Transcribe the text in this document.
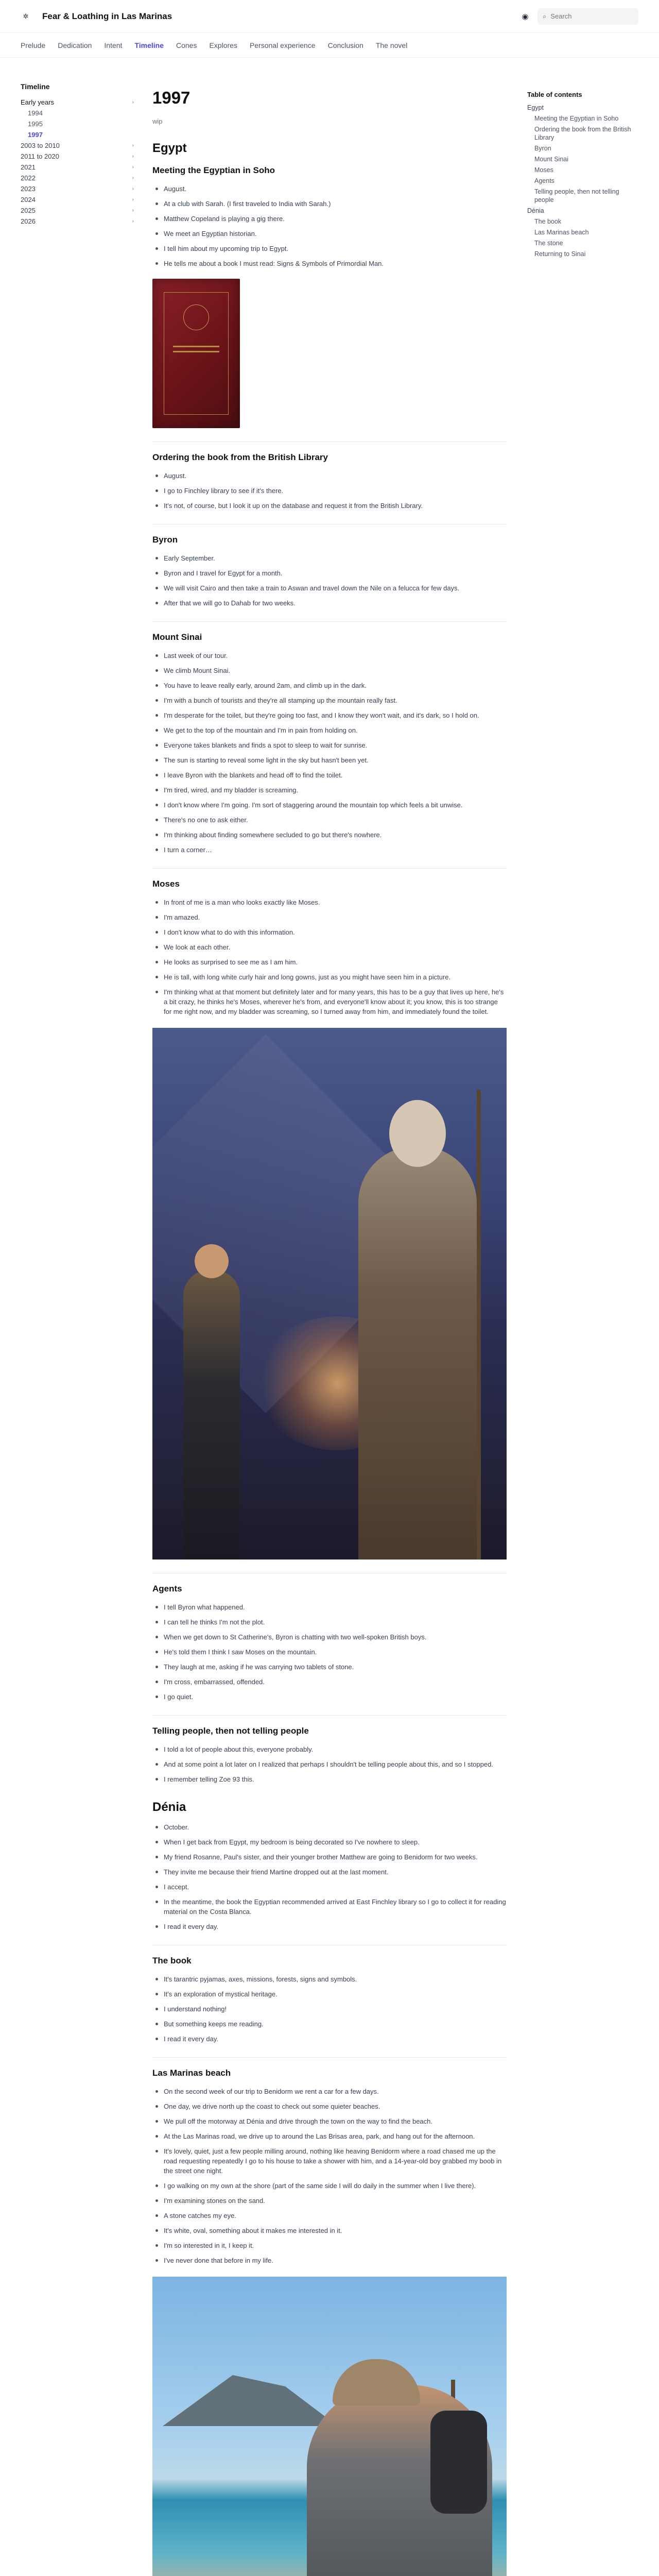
✲ Fear & Loathing in Las Marinas	◉	⌕
Search
Prelude Dedication Intent Timeline Cones Explores Personal experience Conclusion The novel
Timeline
Early years	›
1994
1995
1997
2003 to 2010	›
2011 to 2020	›
2021	›
2022	›
2023	›
2024	›
2025	›
2026	›
1997
wip
Egypt
Meeting the Egyptian in Soho
August.
At a club with Sarah. (I first traveled to India with Sarah.)
Matthew Copeland is playing a gig there.
We meet an Egyptian historian.
I tell him about my upcoming trip to Egypt.
He tells me about a book I must read: Signs & Symbols of Primordial Man.
Ordering the book from the British Library
August.
I go to Finchley library to see if it's there.
It's not, of course, but I look it up on the database and request it from the British Library.
Byron
Early September.
Byron and I travel for Egypt for a month.
We will visit Cairo and then take a train to Aswan and travel down the Nile on a felucca for few days.
After that we will go to Dahab for two weeks.
Mount Sinai
Last week of our tour.
We climb Mount Sinai.
You have to leave really early, around 2am, and climb up in the dark.
I'm with a bunch of tourists and they're all stamping up the mountain really fast.
I'm desperate for the toilet, but they're going too fast, and I know they won't wait, and it's dark, so I hold on.
We get to the top of the mountain and I'm in pain from holding on.
Everyone takes blankets and finds a spot to sleep to wait for sunrise.
The sun is starting to reveal some light in the sky but hasn't been yet.
I leave Byron with the blankets and head off to find the toilet.
I'm tired, wired, and my bladder is screaming.
I don't know where I'm going. I'm sort of staggering around the mountain top which feels a bit unwise.
There's no one to ask either.
I'm thinking about finding somewhere secluded to go but there's nowhere.
I turn a corner…
Moses
In front of me is a man who looks exactly like Moses.
I'm amazed.
I don't know what to do with this information.
We look at each other.
He looks as surprised to see me as I am him.
He is tall, with long white curly hair and long gowns, just as you might have seen him in a picture.
I'm thinking what at that moment but definitely later and for many years, this has to be a guy that lives up here, he's a bit crazy, he thinks he's Moses, wherever he's from, and everyone'll know about it; you know, this is too strange for me right now, and my bladder was screaming, so I turned away from him, and immediately found the toilet.
Agents
I tell Byron what happened.
I can tell he thinks I'm not the plot.
When we get down to St Catherine's, Byron is chatting with two well-spoken British boys.
He's told them I think I saw Moses on the mountain.
They laugh at me, asking if he was carrying two tablets of stone.
I'm cross, embarrassed, offended.
I go quiet.
Telling people, then not telling people
I told a lot of people about this, everyone probably.
And at some point a lot later on I realized that perhaps I shouldn't be telling people about this, and so I stopped.
I remember telling Zoe 93 this.
Dénia
October.
When I get back from Egypt, my bedroom is being decorated so I've nowhere to sleep.
My friend Rosanne, Paul's sister, and their younger brother Matthew are going to Benidorm for two weeks.
They invite me because their friend Martine dropped out at the last moment.
I accept.
In the meantime, the book the Egyptian recommended arrived at East Finchley library so I go to collect it for reading material on the Costa Blanca.
I read it every day.
The book
It's tarantric pyjamas, axes, missions, forests, signs and symbols.
It's an exploration of mystical heritage.
I understand nothing!
But something keeps me reading.
I read it every day.
Las Marinas beach
On the second week of our trip to Benidorm we rent a car for a few days.
One day, we drive north up the coast to check out some quieter beaches.
We pull off the motorway at Dénia and drive through the town on the way to find the beach.
At the Las Marinas road, we drive up to around the Las Brisas area, park, and hang out for the afternoon.
It's lovely, quiet, just a few people milling around, nothing like heaving Benidorm where a road chased me up the road requesting repeatedly I go to his house to take a shower with him, and a 14-year-old boy grabbed my boob in the street one night.
I go walking on my own at the shore (part of the same side I will do daily in the summer when I live there).
I'm examining stones on the sand.
A stone catches my eye.
It's white, oval, something about it makes me interested in it.
I'm so interested in it, I keep it.
I've never done that before in my life.
Table of contents
Egypt
Meeting the Egyptian in Soho
Ordering the book from the British Library
Byron
Mount Sinai
Moses
Agents
Telling people, then not telling people
Dénia
The book
Las Marinas beach
The stone
Returning to Sinai
